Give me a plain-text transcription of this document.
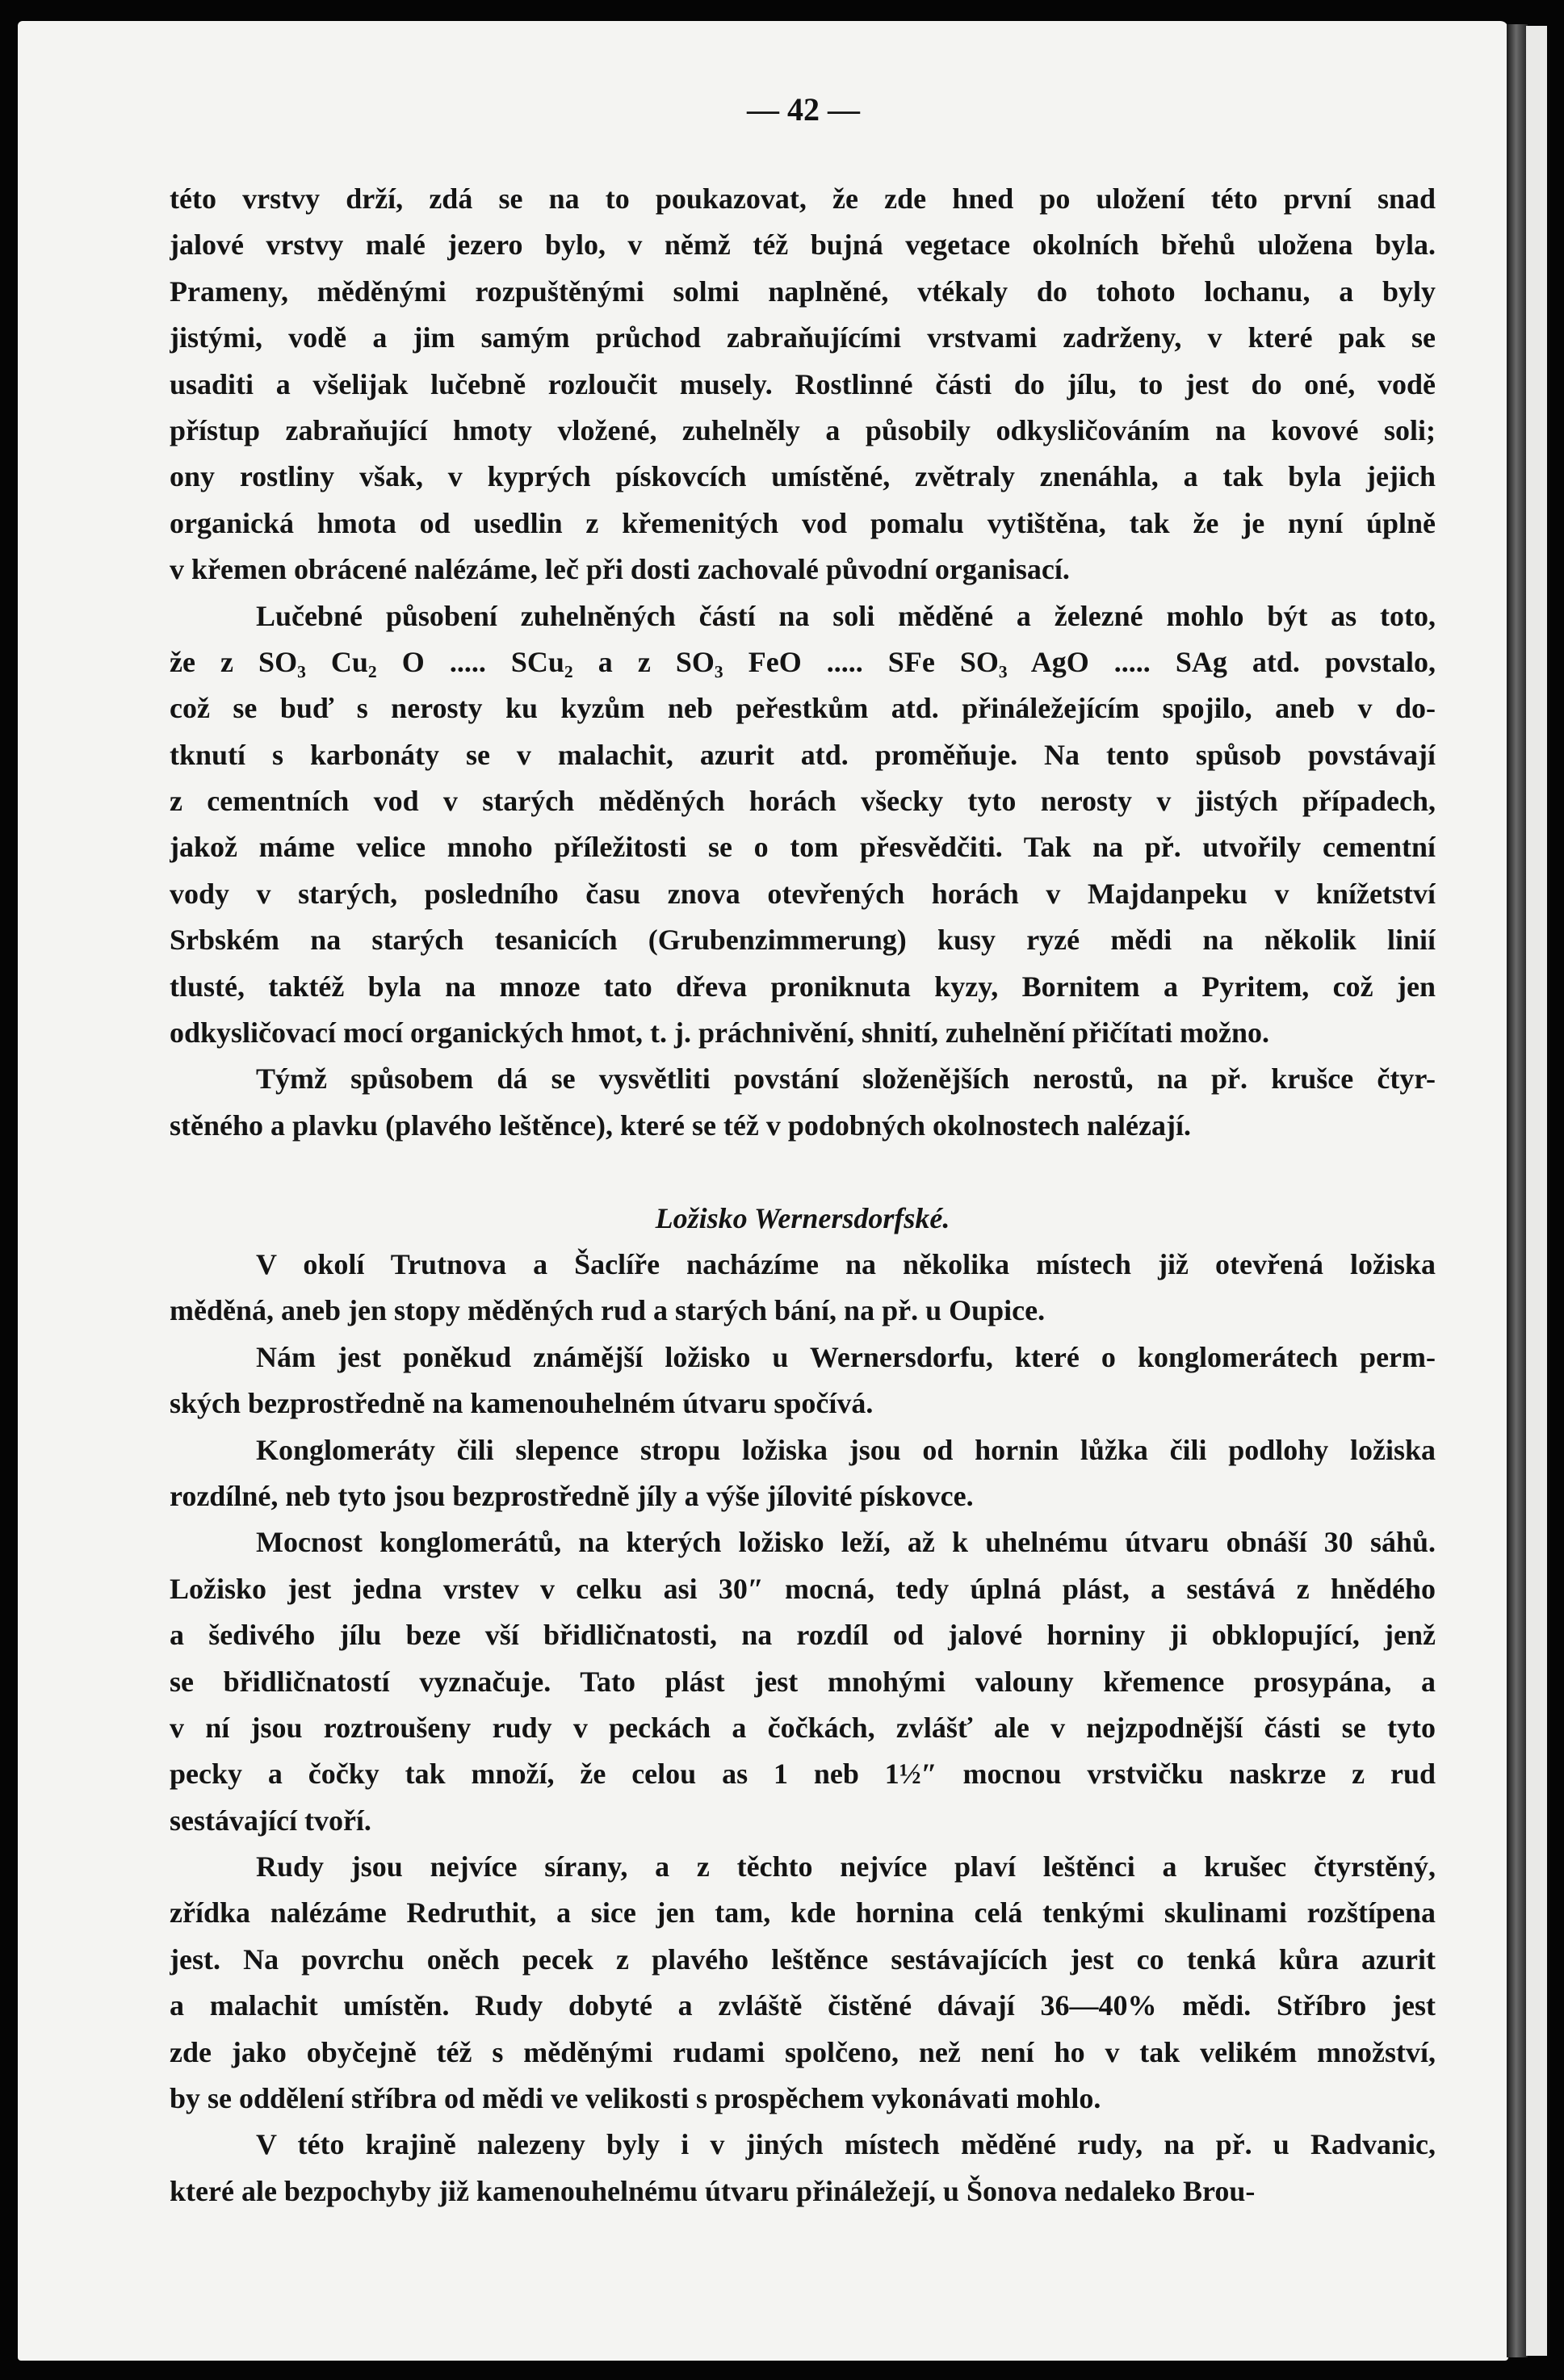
— 42 —
této vrstvy drží, zdá se na to poukazovat, že zde hned po uložení této první snad
jalové vrstvy malé jezero bylo, v němž též bujná vegetace okolních břehů uložena byla.
Prameny, měděnými rozpuštěnými solmi naplněné, vtékaly do tohoto lochanu, a byly
jistými, vodě a jim samým průchod zabraňujícími vrstvami zadrženy, v které pak se
usaditi a všelijak lučebně rozloučit musely. Rostlinné části do jílu, to jest do oné, vodě
přístup zabraňující hmoty vložené, zuhelněly a působily odkysličováním na kovové soli;
ony rostliny však, v kyprých pískovcích umístěné, zvětraly znenáhla, a tak byla jejich
organická hmota od usedlin z křemenitých vod pomalu vytištěna, tak že je nyní úplně
v křemen obrácené nalézáme, leč při dosti zachovalé původní organisací.
Lučebné působení zuhelněných částí na soli měděné a železné mohlo být as toto,
že z SO₃ Cu₂ O ..... SCu₂ a z SO₃ FeO ..... SFe SO₃ AgO ..... SAg atd. povstalo,
což se buď s nerosty ku kyzům neb peřestkům atd. přináležejícím spojilo, aneb v do-
tknutí s karbonáty se v malachit, azurit atd. proměňuje. Na tento spůsob povstávají
z cementních vod v starých měděných horách všecky tyto nerosty v jistých případech,
jakož máme velice mnoho příležitosti se o tom přesvědčiti. Tak na př. utvořily cementní
vody v starých, posledního času znova otevřených horách v Majdanpeku v knížetství
Srbském na starých tesanicích (Grubenzimmerung) kusy ryzé mědi na několik linií
tlusté, taktéž byla na mnoze tato dřeva proniknuta kyzy, Bornitem a Pyritem, což jen
odkysličovací mocí organických hmot, t. j. práchnivění, shnití, zuhelnění přičítati možno.
Týmž spůsobem dá se vysvětliti povstání složenějších nerostů, na př. krušce čtyr-
stěného a plavku (plavého leštěnce), které se též v podobných okolnostech nalézají.
Ložisko Wernersdorfské.
V okolí Trutnova a Šaclíře nacházíme na několika místech již otevřená ložiska
měděná, aneb jen stopy měděných rud a starých bání, na př. u Oupice.
Nám jest poněkud známější ložisko u Wernersdorfu, které o konglomerátech perm-
ských bezprostředně na kamenouhelném útvaru spočívá.
Konglomeráty čili slepence stropu ložiska jsou od hornin lůžka čili podlohy ložiska
rozdílné, neb tyto jsou bezprostředně jíly a výše jílovité pískovce.
Mocnost konglomerátů, na kterých ložisko leží, až k uhelnému útvaru obnáší 30 sáhů.
Ložisko jest jedna vrstev v celku asi 30″ mocná, tedy úplná plást, a sestává z hnědého
a šedivého jílu beze vší břidličnatosti, na rozdíl od jalové horniny ji obklopující, jenž
se břidličnatostí vyznačuje. Tato plást jest mnohými valouny křemence prosypána, a
v ní jsou roztroušeny rudy v peckách a čočkách, zvlášť ale v nejzpodnější části se tyto
pecky a čočky tak množí, že celou as 1 neb 1½″ mocnou vrstvičku naskrze z rud
sestávající tvoří.
Rudy jsou nejvíce sírany, a z těchto nejvíce plaví leštěnci a krušec čtyrstěný,
zřídka nalézáme Redruthit, a sice jen tam, kde hornina celá tenkými skulinami rozštípena
jest. Na povrchu oněch pecek z plavého leštěnce sestávajících jest co tenká kůra azurit
a malachit umístěn. Rudy dobyté a zvláště čistěné dávají 36—40% mědi. Stříbro jest
zde jako obyčejně též s měděnými rudami spolčeno, než není ho v tak velikém množství,
by se oddělení stříbra od mědi ve velikosti s prospěchem vykonávati mohlo.
V této krajině nalezeny byly i v jiných místech měděné rudy, na př. u Radvanic,
které ale bezpochyby již kamenouhelnému útvaru přináležejí, u Šonova nedaleko Brou-
